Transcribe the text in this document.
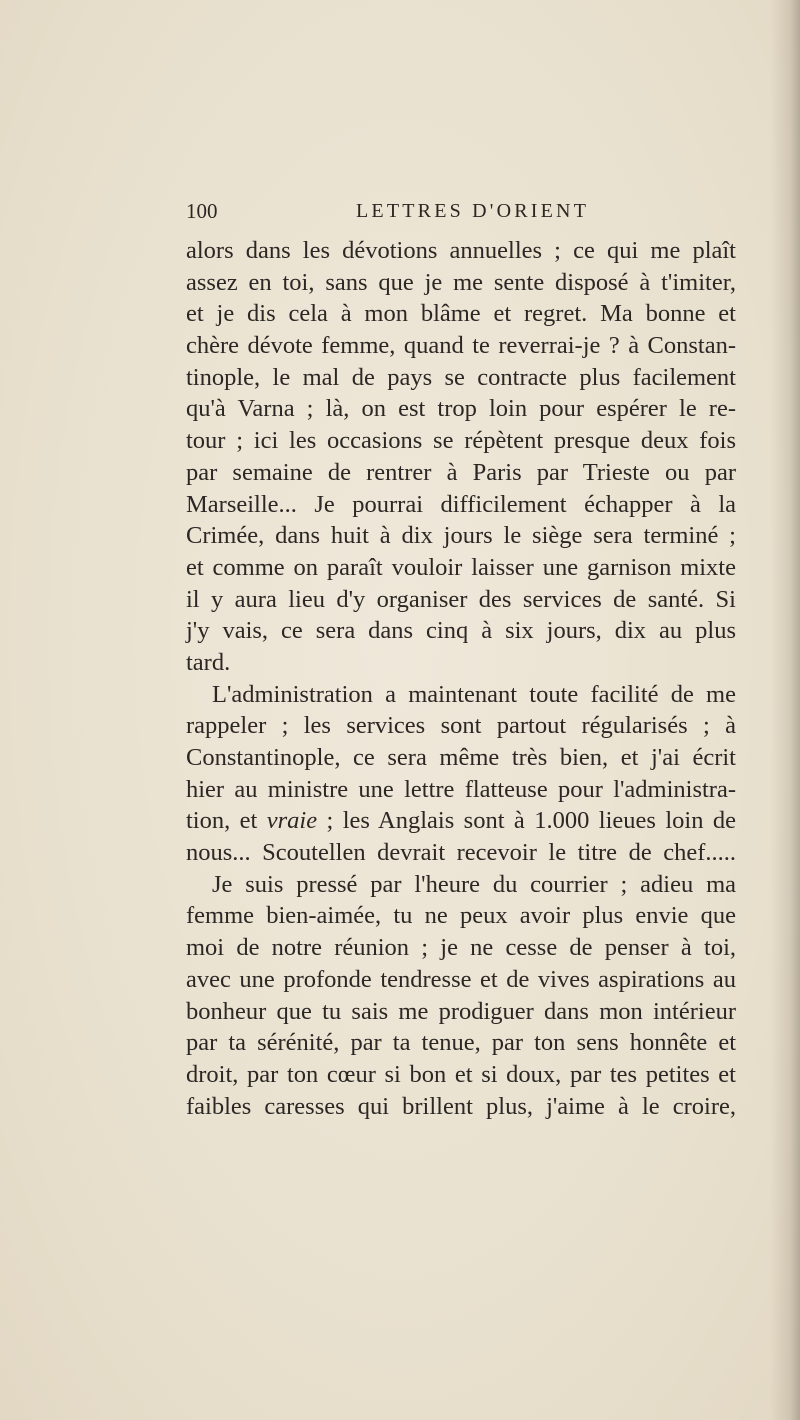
100	LETTRES D'ORIENT
alors dans les dévotions annuelles ; ce qui me plaît
assez en toi, sans que je me sente disposé à t'imiter,
et je dis cela à mon blâme et regret. Ma bonne et
chère dévote femme, quand te reverrai-je ? à Constan-
tinople, le mal de pays se contracte plus facilement
qu'à Varna ; là, on est trop loin pour espérer le re-
tour ; ici les occasions se répètent presque deux fois
par semaine de rentrer à Paris par Trieste ou par
Marseille... Je pourrai difficilement échapper à la
Crimée, dans huit à dix jours le siège sera terminé ;
et comme on paraît vouloir laisser une garnison mixte
il y aura lieu d'y organiser des services de santé. Si
j'y vais, ce sera dans cinq à six jours, dix au plus
tard.
L'administration a maintenant toute facilité de me
rappeler ; les services sont partout régularisés ; à
Constantinople, ce sera même très bien, et j'ai écrit
hier au ministre une lettre flatteuse pour l'administra-
tion, et vraie ; les Anglais sont à 1.000 lieues loin de
nous... Scoutellen devrait recevoir le titre de chef.....
Je suis pressé par l'heure du courrier ; adieu ma
femme bien-aimée, tu ne peux avoir plus envie que
moi de notre réunion ; je ne cesse de penser à toi,
avec une profonde tendresse et de vives aspirations au
bonheur que tu sais me prodiguer dans mon intérieur
par ta sérénité, par ta tenue, par ton sens honnête et
droit, par ton cœur si bon et si doux, par tes petites et
faibles caresses qui brillent plus, j'aime à le croire,
